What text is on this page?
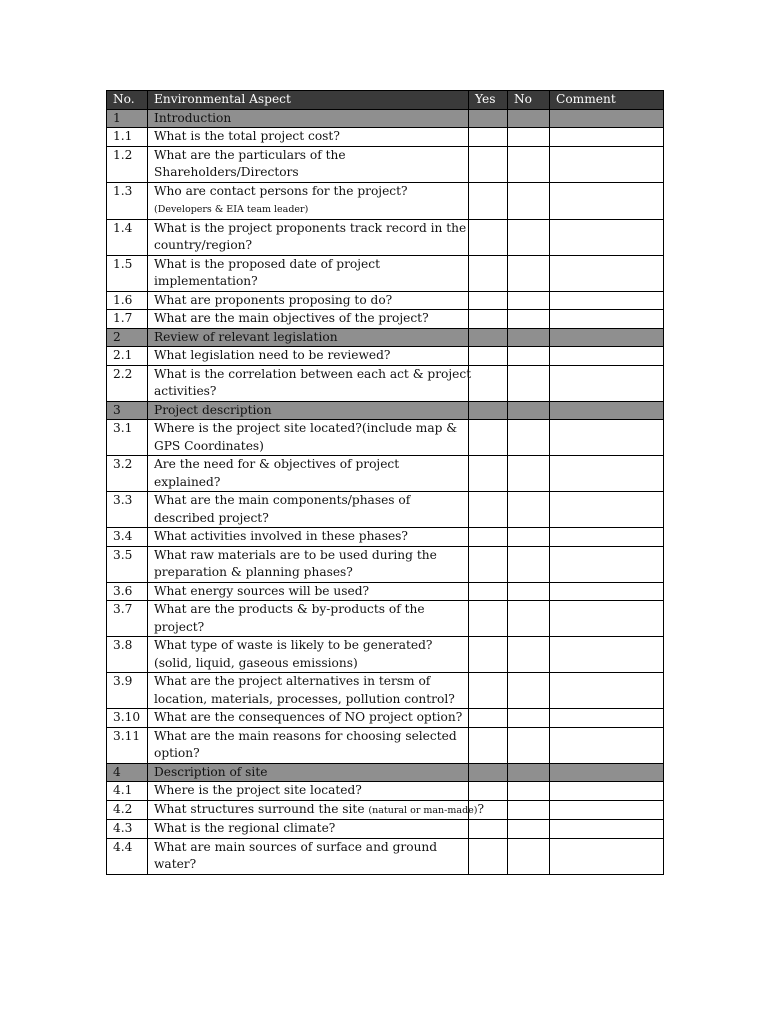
No.	Environmental Aspect	Yes	No	Comment
1	Introduction			
1.1	What is the total project cost?			
1.2	What are the particulars of the
Shareholders/Directors			
1.3	Who are contact persons for the project?
(Developers & EIA team leader)			
1.4	What is the project proponents track record in the
country/region?			
1.5	What is the proposed date of project
implementation?			
1.6	What are proponents proposing to do?			
1.7	What are the main objectives of the project?			
2	Review of relevant legislation			
2.1	What legislation need to be reviewed?			
2.2	What is the correlation between each act & project
activities?			
3	Project description			
3.1	Where is the project site located?(include map &
GPS Coordinates)			
3.2	Are the need for & objectives of project
explained?			
3.3	What are the main components/phases of
described project?			
3.4	What activities involved in these phases?			
3.5	What raw materials are to be used during the
preparation & planning phases?			
3.6	What energy sources will be used?			
3.7	What are the products & by-products of the
project?			
3.8	What type of waste is likely to be generated?
(solid, liquid, gaseous emissions)			
3.9	What are the project alternatives in tersm of
location, materials, processes, pollution control?			
3.10	What are the consequences of NO project option?			
3.11	What are the main reasons for choosing selected
option?			
4	Description of site			
4.1	Where is the project site located?			
4.2	What structures surround the site (natural or man-made)?			
4.3	What is the regional climate?			
4.4	What are main sources of surface and ground
water?			
